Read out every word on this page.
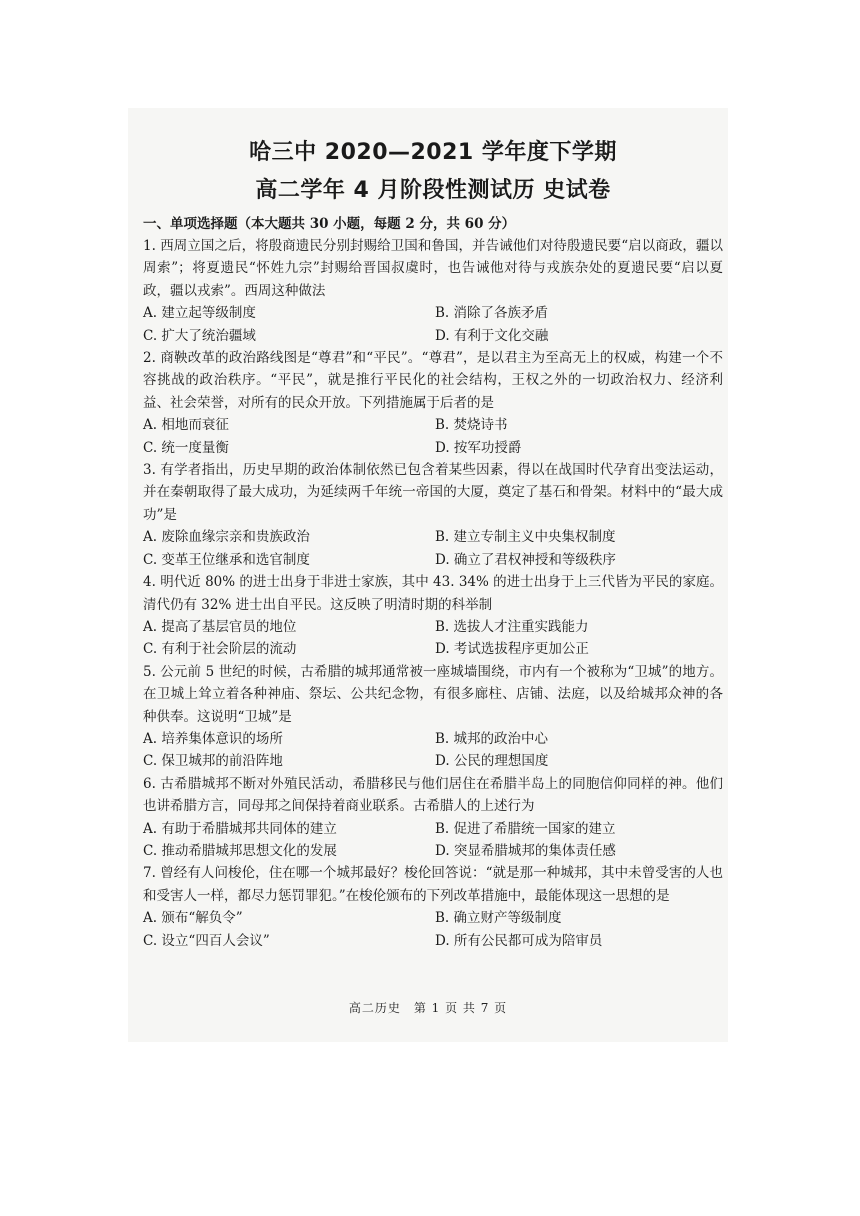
哈三中 2020—2021 学年度下学期
高二学年 4 月阶段性测试历 史试卷

一、单项选择题（本大题共 30 小题，每题 2 分，共 60 分）

1. 西周立国之后，将殷商遗民分别封赐给卫国和鲁国，并告诫他们对待殷遗民要“启以商政，疆以周索”；将夏遗民“怀姓九宗”封赐给晋国叔虞时，也告诫他对待与戎族杂处的夏遗民要“启以夏政，疆以戎索”。西周这种做法

A. 建立起等级制度	B. 消除了各族矛盾
C. 扩大了统治疆域	D. 有利于文化交融

2. 商鞅改革的政治路线图是“尊君”和“平民”。“尊君”，是以君主为至高无上的权威，构建一个不容挑战的政治秩序。“平民”，就是推行平民化的社会结构，王权之外的一切政治权力、经济利益、社会荣誉，对所有的民众开放。下列措施属于后者的是

A. 相地而衰征	B. 焚烧诗书
C. 统一度量衡	D. 按军功授爵

3. 有学者指出，历史早期的政治体制依然已包含着某些因素，得以在战国时代孕育出变法运动，并在秦朝取得了最大成功，为延续两千年统一帝国的大厦，奠定了基石和骨架。材料中的“最大成功”是

A. 废除血缘宗亲和贵族政治	B. 建立专制主义中央集权制度
C. 变革王位继承和选官制度	D. 确立了君权神授和等级秩序

4. 明代近 80% 的进士出身于非进士家族，其中 43. 34% 的进士出身于上三代皆为平民的家庭。清代仍有 32% 进士出自平民。这反映了明清时期的科举制

A. 提高了基层官员的地位	B. 选拔人才注重实践能力
C. 有利于社会阶层的流动	D. 考试选拔程序更加公正

5. 公元前 5 世纪的时候，古希腊的城邦通常被一座城墙围绕，市内有一个被称为“卫城”的地方。在卫城上耸立着各种神庙、祭坛、公共纪念物，有很多廊柱、店铺、法庭，以及给城邦众神的各种供奉。这说明“卫城”是

A. 培养集体意识的场所	B. 城邦的政治中心
C. 保卫城邦的前沿阵地	D. 公民的理想国度

6. 古希腊城邦不断对外殖民活动，希腊移民与他们居住在希腊半岛上的同胞信仰同样的神。他们也讲希腊方言，同母邦之间保持着商业联系。古希腊人的上述行为

A. 有助于希腊城邦共同体的建立	B. 促进了希腊统一国家的建立
C. 推动希腊城邦思想文化的发展	D. 突显希腊城邦的集体责任感

7. 曾经有人问梭伦，住在哪一个城邦最好？梭伦回答说：“就是那一种城邦，其中未曾受害的人也和受害人一样，都尽力惩罚罪犯。”在梭伦颁布的下列改革措施中，最能体现这一思想的是

A. 颁布“解负令”	B. 确立财产等级制度
C. 设立“四百人会议”	D. 所有公民都可成为陪审员
高二历史　第 1 页 共 7 页
